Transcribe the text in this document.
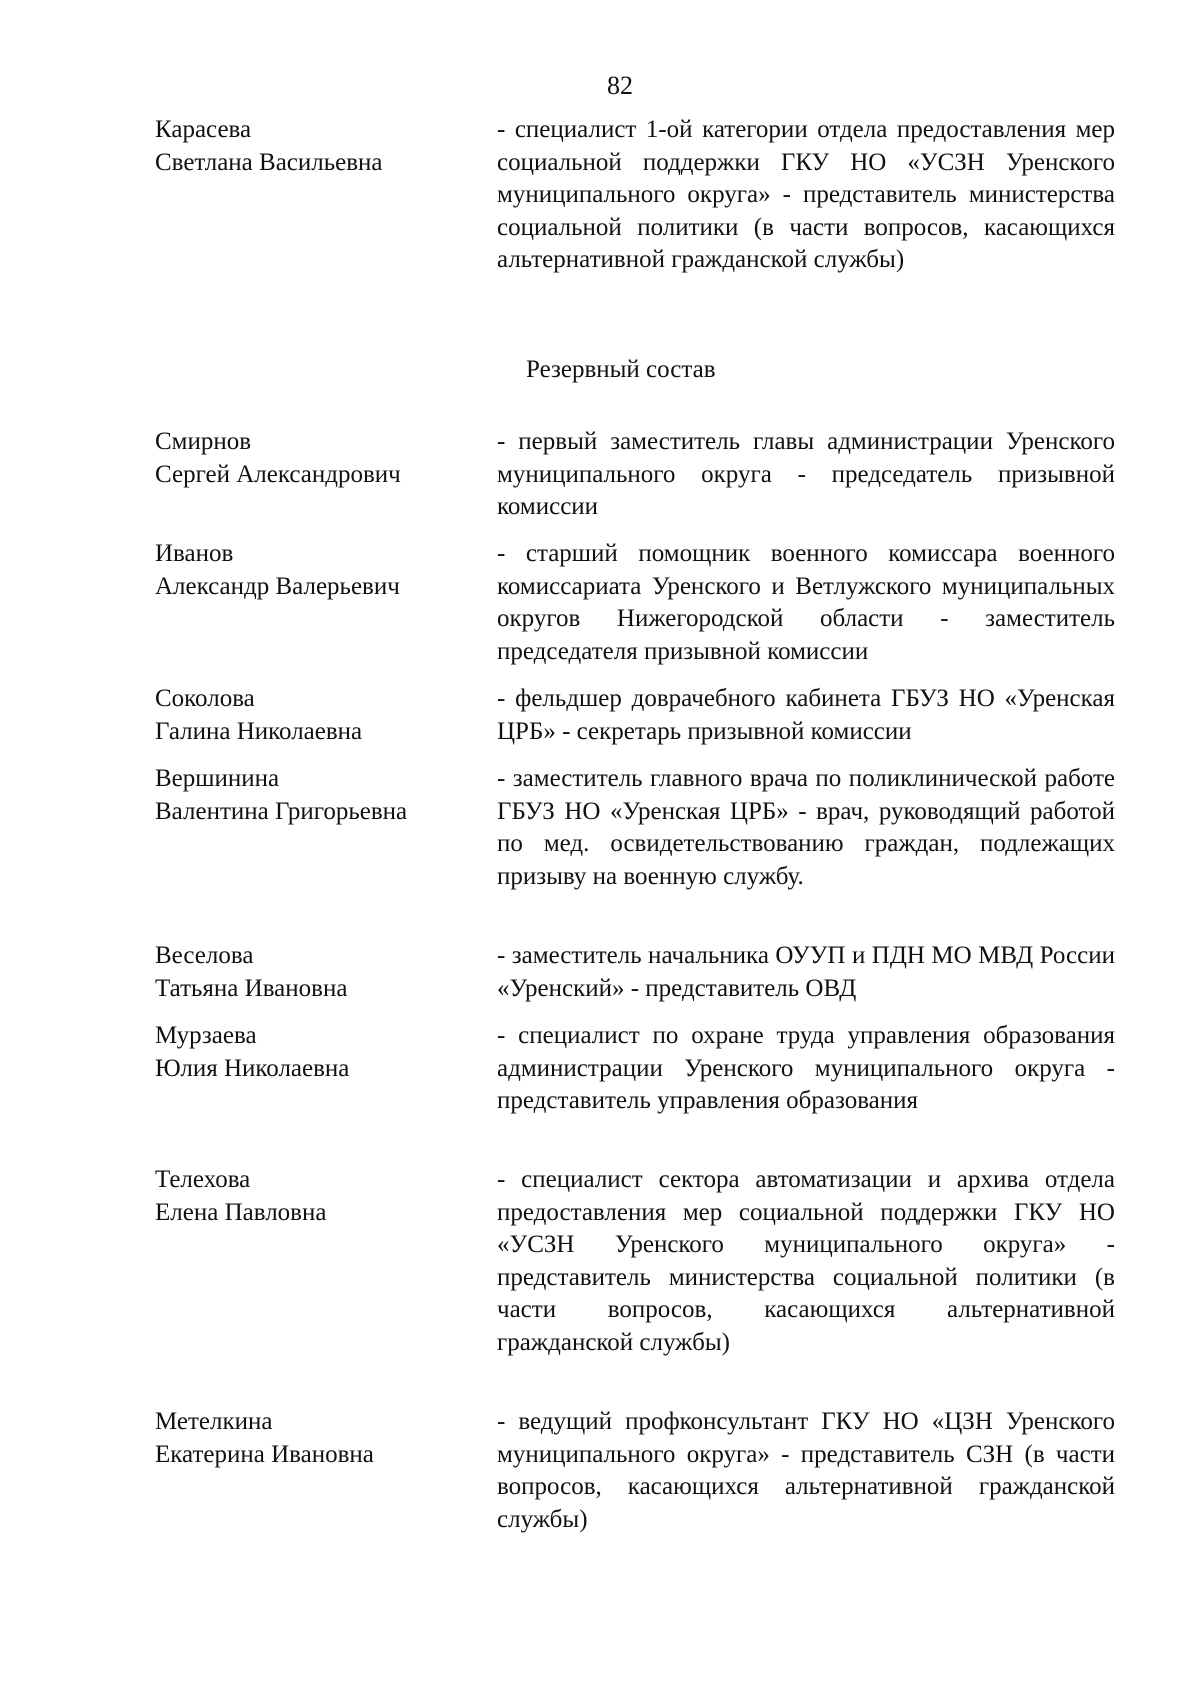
82
Карасева
Светлана Васильевна
- специалист 1-ой категории отдела предоставления мер социальной поддержки ГКУ НО «УСЗН Уренского муниципального округа» - представитель министерства социальной политики (в части вопросов, касающихся альтернативной гражданской службы)
Резервный состав
Смирнов
Сергей Александрович
- первый заместитель главы администрации Уренского муниципального округа - председатель призывной комиссии
Иванов
Александр Валерьевич
- старший помощник военного комиссара военного комиссариата Уренского и Ветлужского муниципальных округов Нижегородской области - заместитель председателя призывной комиссии
Соколова
Галина Николаевна
- фельдшер доврачебного кабинета ГБУЗ НО «Уренская ЦРБ» - секретарь призывной комиссии
Вершинина
Валентина Григорьевна
- заместитель главного врача по поликлинической работе ГБУЗ НО «Уренская ЦРБ» - врач, руководящий работой по мед. освидетельствованию граждан, подлежащих призыву на военную службу.
Веселова
Татьяна Ивановна
- заместитель начальника ОУУП и ПДН МО МВД России «Уренский» - представитель ОВД
Мурзаева
Юлия Николаевна
- специалист по охране труда управления образования администрации Уренского муниципального округа - представитель управления образования
Телехова
Елена Павловна
- специалист сектора автоматизации и архива отдела предоставления мер социальной поддержки ГКУ НО «УСЗН Уренского муниципального округа» - представитель министерства социальной политики (в части вопросов, касающихся альтернативной гражданской службы)
Метелкина
Екатерина Ивановна
- ведущий профконсультант ГКУ НО «ЦЗН Уренского муниципального округа» - представитель СЗН (в части вопросов, касающихся альтернативной гражданской службы)
